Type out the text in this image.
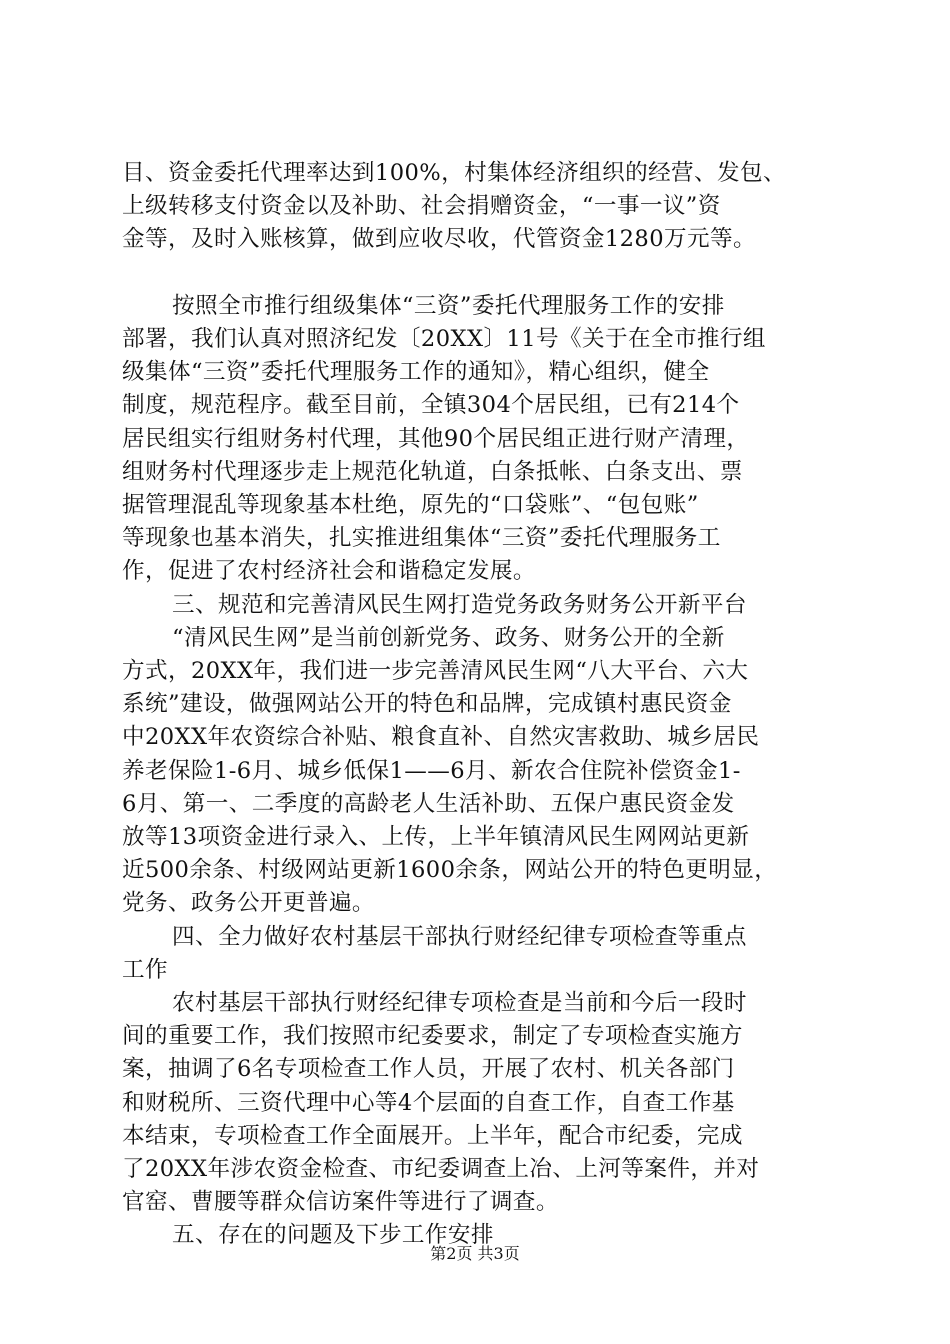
目、资金委托代理率达到100%，村集体经济组织的经营、发包、
上级转移支付资金以及补助、社会捐赠资金，“一事一议”资
金等，及时入账核算，做到应收尽收，代管资金1280万元等。
按照全市推行组级集体“三资”委托代理服务工作的安排
部署，我们认真对照济纪发〔20XX〕11号《关于在全市推行组
级集体“三资”委托代理服务工作的通知》，精心组织，健全
制度，规范程序。截至目前，全镇304个居民组，已有214个
居民组实行组财务村代理，其他90个居民组正进行财产清理，
组财务村代理逐步走上规范化轨道，白条抵帐、白条支出、票
据管理混乱等现象基本杜绝，原先的“口袋账”、“包包账”
等现象也基本消失，扎实推进组集体“三资”委托代理服务工
作，促进了农村经济社会和谐稳定发展。
三、规范和完善清风民生网打造党务政务财务公开新平台
“清风民生网”是当前创新党务、政务、财务公开的全新
方式，20XX年，我们进一步完善清风民生网“八大平台、六大
系统”建设，做强网站公开的特色和品牌，完成镇村惠民资金
中20XX年农资综合补贴、粮食直补、自然灾害救助、城乡居民
养老保险1-6月、城乡低保1——6月、新农合住院补偿资金1-
6月、第一、二季度的高龄老人生活补助、五保户惠民资金发
放等13项资金进行录入、上传，上半年镇清风民生网网站更新
近500余条、村级网站更新1600余条，网站公开的特色更明显，
党务、政务公开更普遍。
四、全力做好农村基层干部执行财经纪律专项检查等重点
工作
农村基层干部执行财经纪律专项检查是当前和今后一段时
间的重要工作，我们按照市纪委要求，制定了专项检查实施方
案，抽调了6名专项检查工作人员，开展了农村、机关各部门
和财税所、三资代理中心等4个层面的自查工作，自查工作基
本结束，专项检查工作全面展开。上半年，配合市纪委，完成
了20XX年涉农资金检查、市纪委调查上冶、上河等案件，并对
官窑、曹腰等群众信访案件等进行了调查。
五、存在的问题及下步工作安排
第2页 共3页
